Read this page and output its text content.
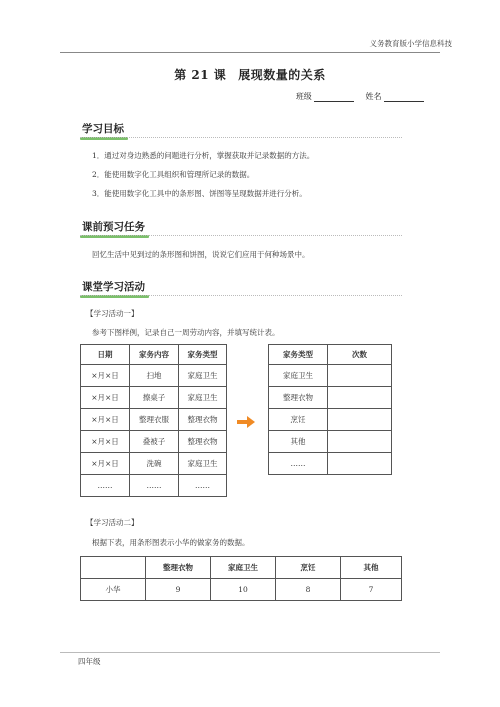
义务教育版小学信息科技
第 21 课 展现数量的关系
班级	姓名
学习目标
1．通过对身边熟悉的问题进行分析，掌握获取并记录数据的方法。
2．能使用数字化工具组织和管理所记录的数据。
3．能使用数字化工具中的条形图、饼图等呈现数据并进行分析。
课前预习任务
回忆生活中见到过的条形图和饼图，说说它们应用于何种场景中。
课堂学习活动
【学习活动一】
参考下图样例，记录自己一周劳动内容，并填写统计表。
日期	家务内容	家务类型
×月×日	扫地	家庭卫生
×月×日	擦桌子	家庭卫生
×月×日	整理衣服	整理衣物
×月×日	叠被子	整理衣物
×月×日	洗碗	家庭卫生
……	……	……
家务类型	次数
家庭卫生	
整理衣物	
烹饪	
其他	
……	
【学习活动二】
根据下表，用条形图表示小华的做家务的数据。
	整理衣物	家庭卫生	烹饪	其他
小华	9	10	8	7
四年级
